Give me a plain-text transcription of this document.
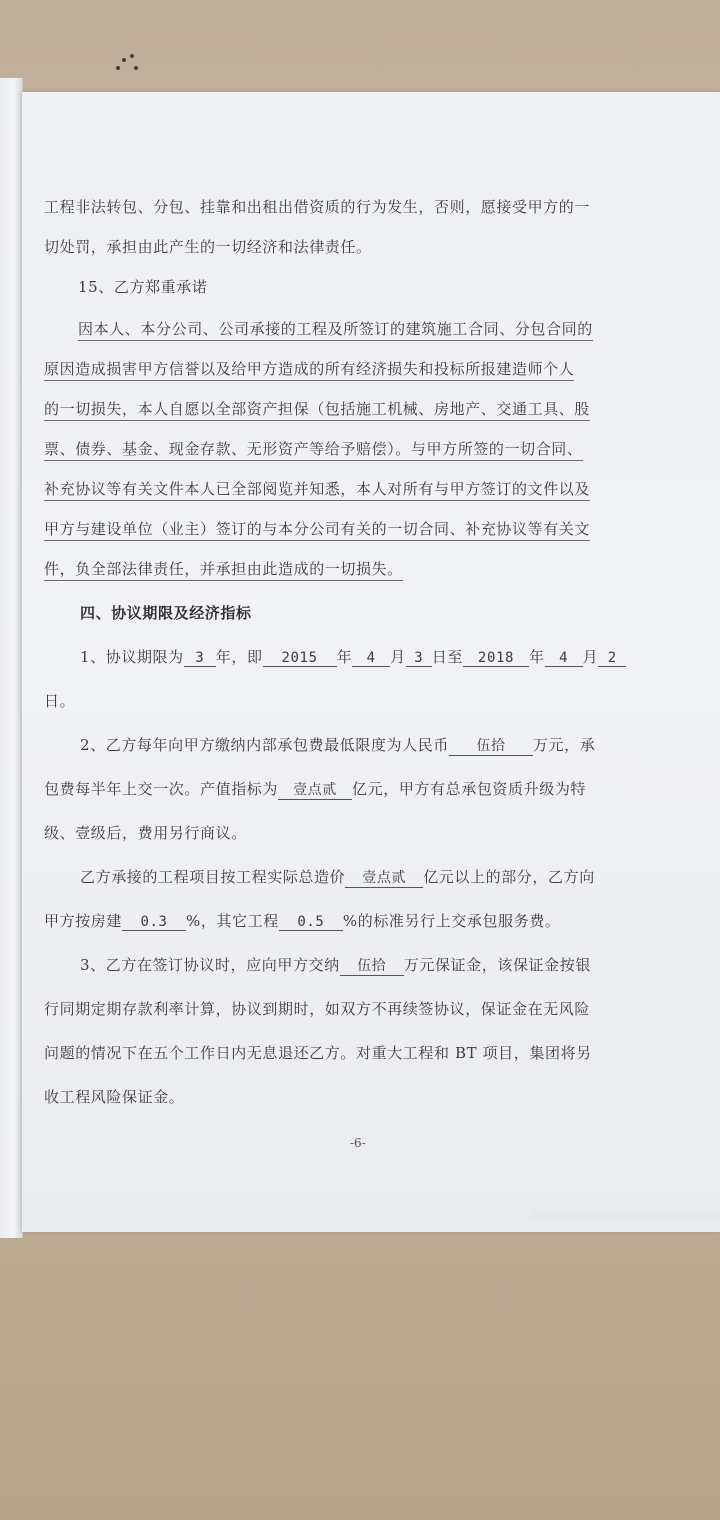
工程非法转包、分包、挂靠和出租出借资质的行为发生，否则，愿接受甲方的一
切处罚，承担由此产生的一切经济和法律责任。
15、乙方郑重承诺
因本人、本分公司、公司承接的工程及所签订的建筑施工合同、分包合同的
原因造成损害甲方信誉以及给甲方造成的所有经济损失和投标所报建造师个人
的一切损失，本人自愿以全部资产担保（包括施工机械、房地产、交通工具、股
票、债券、基金、现金存款、无形资产等给予赔偿）。与甲方所签的一切合同、
补充协议等有关文件本人已全部阅览并知悉，本人对所有与甲方签订的文件以及
甲方与建设单位（业主）签订的与本分公司有关的一切合同、补充协议等有关文
件，负全部法律责任，并承担由此造成的一切损失。
四、协议期限及经济指标
1、协议期限为 3 年，即 2015 年 4 月 3 日至 2018 年 4 月 2
日。
2、乙方每年向甲方缴纳内部承包费最低限度为人民币 伍拾 万元，承
包费每半年上交一次。产值指标为 壹点贰 亿元，甲方有总承包资质升级为特
级、壹级后，费用另行商议。
乙方承接的工程项目按工程实际总造价 壹点贰 亿元以上的部分，乙方向
甲方按房建 0.3 %，其它工程 0.5 %的标准另行上交承包服务费。
3、乙方在签订协议时，应向甲方交纳 伍拾 万元保证金，该保证金按银
行同期定期存款利率计算，协议到期时，如双方不再续签协议，保证金在无风险
问题的情况下在五个工作日内无息退还乙方。对重大工程和 BT 项目，集团将另
收工程风险保证金。
-6-
